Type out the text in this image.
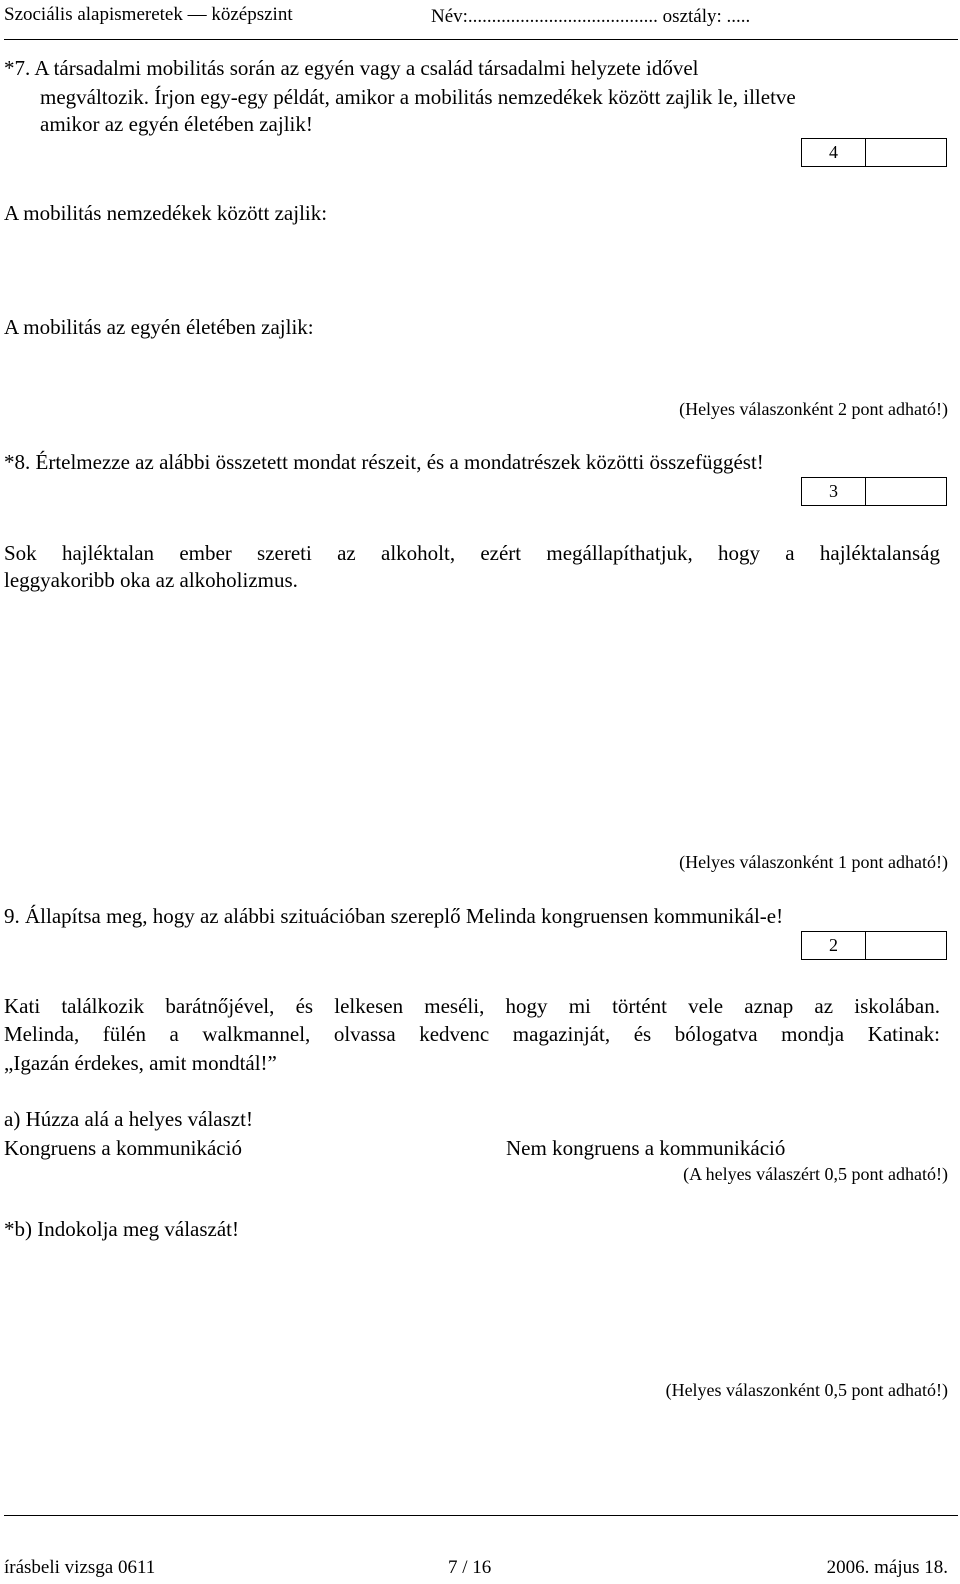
Szociális alapismeretek — középszint	Név:........................................ osztály: .....
*7. A társadalmi mobilitás során az egyén vagy a család társadalmi helyzete idővel
megváltozik. Írjon egy-egy példát, amikor a mobilitás nemzedékek között zajlik le, illetve
amikor az egyén életében zajlik!
4
A mobilitás nemzedékek között zajlik:
A mobilitás az egyén életében zajlik:
(Helyes válaszonként 2 pont adható!)
*8. Értelmezze az alábbi összetett mondat részeit, és a mondatrészek közötti összefüggést!
3
Sok hajléktalan ember szereti az alkoholt, ezért megállapíthatjuk, hogy a hajléktalanság
leggyakoribb oka az alkoholizmus.
(Helyes válaszonként 1 pont adható!)
9. Állapítsa meg, hogy az alábbi szituációban szereplő Melinda kongruensen kommunikál-e!
2
Kati találkozik barátnőjével, és lelkesen meséli, hogy mi történt vele aznap az iskolában.
Melinda, fülén a walkmannel, olvassa kedvenc magazinját, és bólogatva mondja Katinak:
„Igazán érdekes, amit mondtál!”
a) Húzza alá a helyes választ!
Kongruens a kommunikáció	Nem kongruens a kommunikáció
(A helyes válaszért 0,5 pont adható!)
*b) Indokolja meg válaszát!
(Helyes válaszonként 0,5 pont adható!)
írásbeli vizsga 0611	7 / 16	2006. május 18.
